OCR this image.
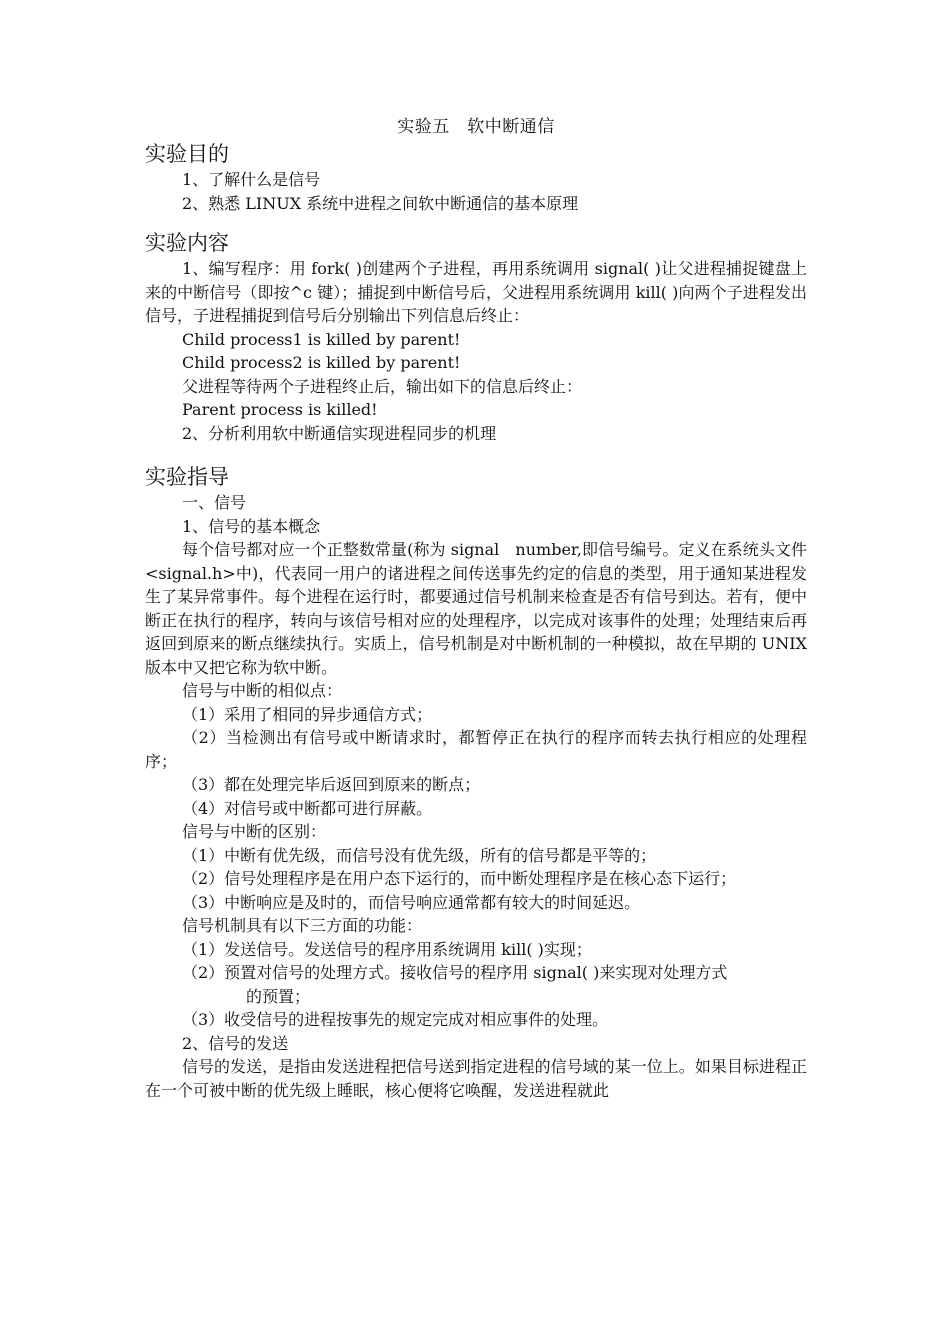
实验五　软中断通信
实验目的

1、了解什么是信号

2、熟悉 LINUX 系统中进程之间软中断通信的基本原理

实验内容

1、编写程序：用 fork( )创建两个子进程，再用系统调用 signal( )让父进程捕捉键盘上来的中断信号（即按^c 键）；捕捉到中断信号后，父进程用系统调用 kill( )向两个子进程发出信号，子进程捕捉到信号后分别输出下列信息后终止：

Child process1 is killed by parent!

Child process2 is killed by parent!

父进程等待两个子进程终止后，输出如下的信息后终止：

Parent process is killed!

2、分析利用软中断通信实现进程同步的机理

实验指导

一、信号

1、信号的基本概念

每个信号都对应一个正整数常量(称为 signal　number,即信号编号。定义在系统头文件<signal.h>中)，代表同一用户的诸进程之间传送事先约定的信息的类型，用于通知某进程发生了某异常事件。每个进程在运行时，都要通过信号机制来检查是否有信号到达。若有，便中断正在执行的程序，转向与该信号相对应的处理程序，以完成对该事件的处理；处理结束后再返回到原来的断点继续执行。实质上，信号机制是对中断机制的一种模拟，故在早期的 UNIX 版本中又把它称为软中断。

信号与中断的相似点：

（1）采用了相同的异步通信方式；

（2）当检测出有信号或中断请求时，都暂停正在执行的程序而转去执行相应的处理程序；

（3）都在处理完毕后返回到原来的断点；

（4）对信号或中断都可进行屏蔽。

信号与中断的区别：

（1）中断有优先级，而信号没有优先级，所有的信号都是平等的；

（2）信号处理程序是在用户态下运行的，而中断处理程序是在核心态下运行；

（3）中断响应是及时的，而信号响应通常都有较大的时间延迟。

信号机制具有以下三方面的功能：

（1）发送信号。发送信号的程序用系统调用 kill( )实现；

（2）预置对信号的处理方式。接收信号的程序用 signal( )来实现对处理方式

的预置；

（3）收受信号的进程按事先的规定完成对相应事件的处理。

2、信号的发送

信号的发送，是指由发送进程把信号送到指定进程的信号域的某一位上。如果目标进程正在一个可被中断的优先级上睡眠，核心便将它唤醒，发送进程就此
